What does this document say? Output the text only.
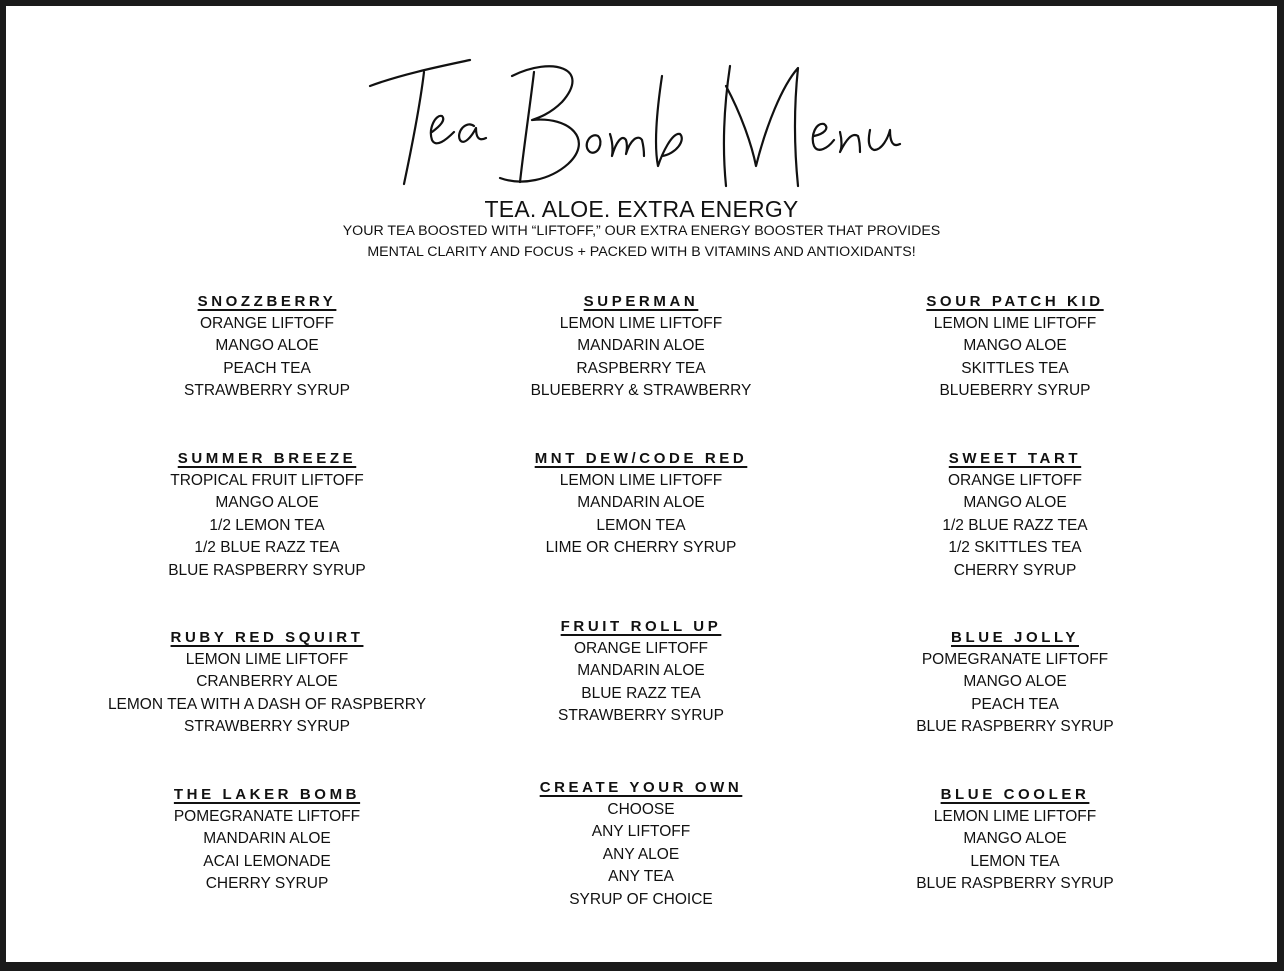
TEA. ALOE. EXTRA ENERGY
YOUR TEA BOOSTED WITH “LIFTOFF,” OUR EXTRA ENERGY BOOSTER THAT PROVIDES
MENTAL CLARITY AND FOCUS + PACKED WITH B VITAMINS AND ANTIOXIDANTS!
SNOZZBERRY
ORANGE LIFTOFF
MANGO ALOE
PEACH TEA
STRAWBERRY SYRUP
SUPERMAN
LEMON LIME LIFTOFF
MANDARIN ALOE
RASPBERRY TEA
BLUEBERRY & STRAWBERRY
SOUR PATCH KID
LEMON LIME LIFTOFF
MANGO ALOE
SKITTLES TEA
BLUEBERRY SYRUP
SUMMER BREEZE
TROPICAL FRUIT LIFTOFF
MANGO ALOE
1/2 LEMON TEA
1/2 BLUE RAZZ TEA
BLUE RASPBERRY SYRUP
MNT DEW/CODE RED
LEMON LIME LIFTOFF
MANDARIN ALOE
LEMON TEA
LIME OR CHERRY SYRUP
SWEET TART
ORANGE LIFTOFF
MANGO ALOE
1/2 BLUE RAZZ TEA
1/2 SKITTLES TEA
CHERRY SYRUP
RUBY RED SQUIRT
LEMON LIME LIFTOFF
CRANBERRY ALOE
LEMON TEA WITH A DASH OF RASPBERRY
STRAWBERRY SYRUP
FRUIT ROLL UP
ORANGE LIFTOFF
MANDARIN ALOE
BLUE RAZZ TEA
STRAWBERRY SYRUP
BLUE JOLLY
POMEGRANATE LIFTOFF
MANGO ALOE
PEACH TEA
BLUE RASPBERRY SYRUP
THE LAKER BOMB
POMEGRANATE LIFTOFF
MANDARIN ALOE
ACAI LEMONADE
CHERRY SYRUP
CREATE YOUR OWN
CHOOSE
ANY LIFTOFF
ANY ALOE
ANY TEA
SYRUP OF CHOICE
BLUE COOLER
LEMON LIME LIFTOFF
MANGO ALOE
LEMON TEA
BLUE RASPBERRY SYRUP
